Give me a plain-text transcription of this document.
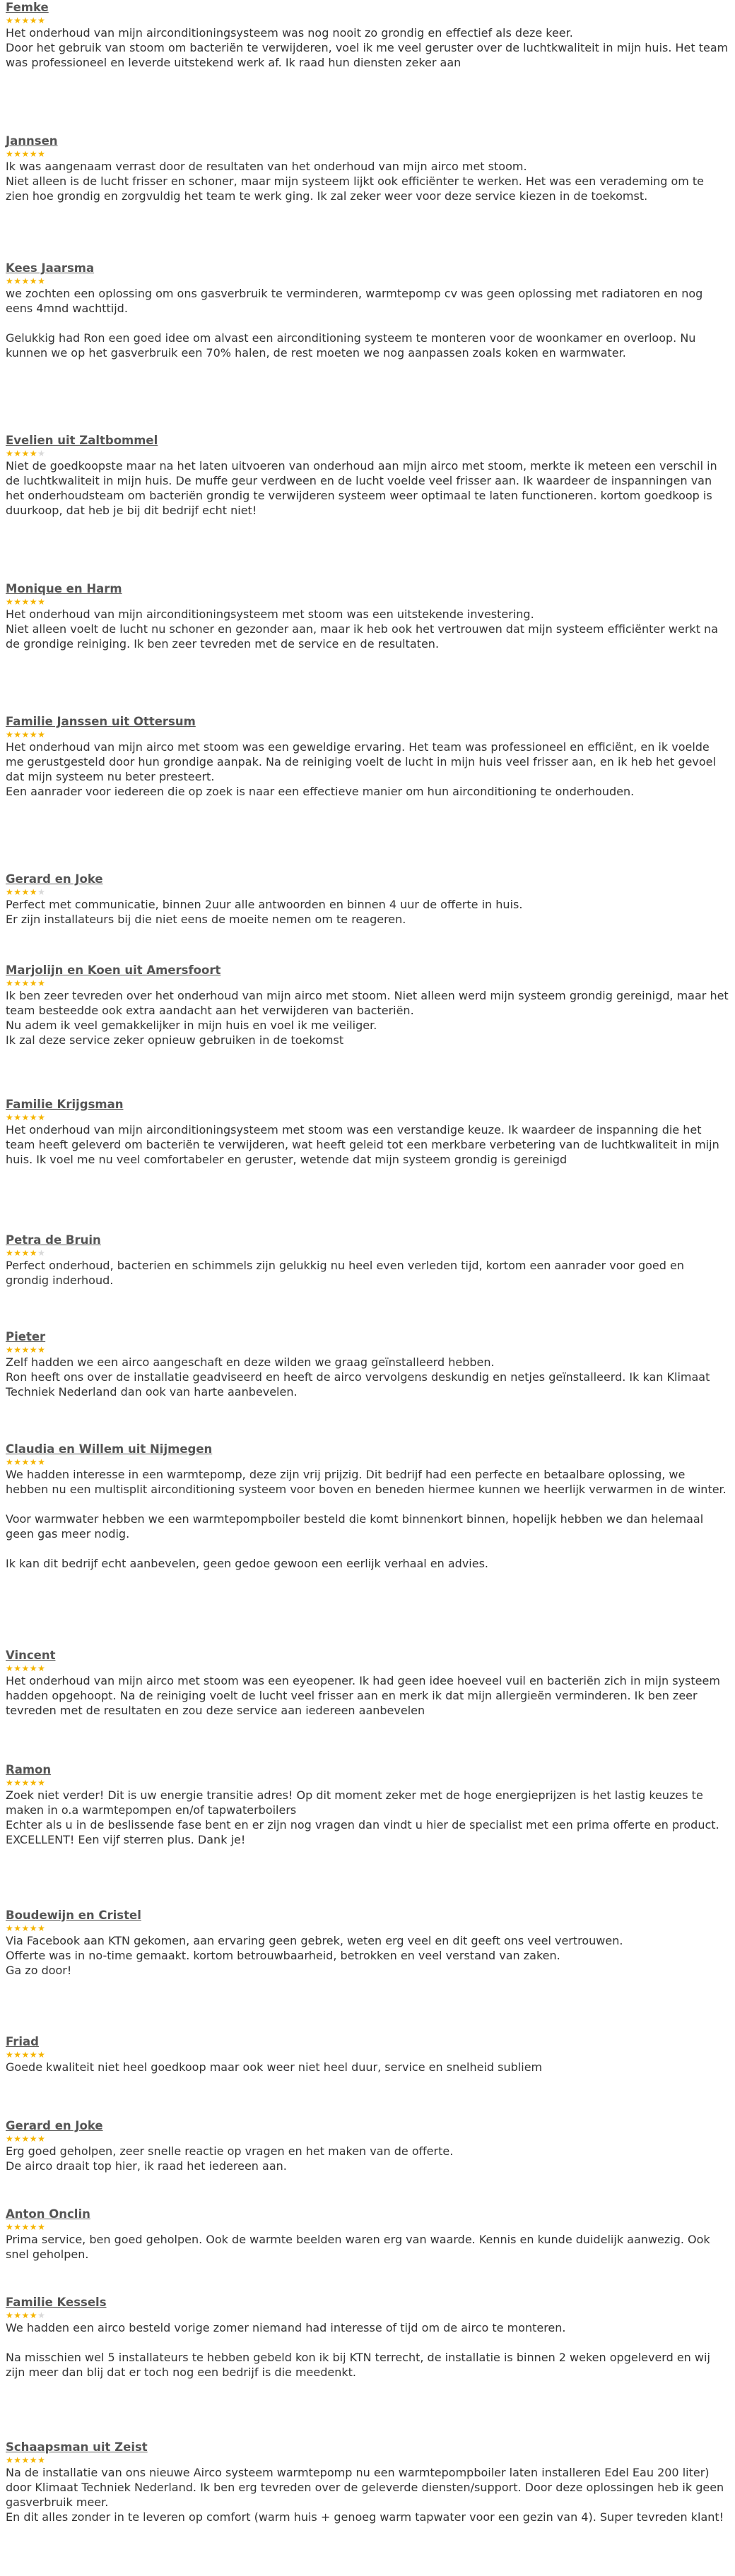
Femke
★★★★★

Het onderhoud van mijn airconditioningsysteem was nog nooit zo grondig en effectief als deze keer.
Door het gebruik van stoom om bacteriën te verwijderen, voel ik me veel geruster over de luchtkwaliteit in mijn huis. Het team was professioneel en leverde uitstekend werk af. Ik raad hun diensten zeker aan

Jannsen
★★★★★

Ik was aangenaam verrast door de resultaten van het onderhoud van mijn airco met stoom.
Niet alleen is de lucht frisser en schoner, maar mijn systeem lijkt ook efficiënter te werken. Het was een verademing om te zien hoe grondig en zorgvuldig het team te werk ging. Ik zal zeker weer voor deze service kiezen in de toekomst.

Kees Jaarsma
★★★★★

we zochten een oplossing om ons gasverbruik te verminderen, warmtepomp cv was geen oplossing met radiatoren en nog eens 4mnd wachttijd.

Gelukkig had Ron een goed idee om alvast een airconditioning systeem te monteren voor de woonkamer en overloop. Nu kunnen we op het gasverbruik een 70% halen, de rest moeten we nog aanpassen zoals koken en warmwater.

Evelien uit Zaltbommel
★★★★★

Niet de goedkoopste maar na het laten uitvoeren van onderhoud aan mijn airco met stoom, merkte ik meteen een verschil in de luchtkwaliteit in mijn huis. De muffe geur verdween en de lucht voelde veel frisser aan. Ik waardeer de inspanningen van het onderhoudsteam om bacteriën grondig te verwijderen systeem weer optimaal te laten functioneren. kortom goedkoop is duurkoop, dat heb je bij dit bedrijf echt niet!

Monique en Harm
★★★★★

Het onderhoud van mijn airconditioningsysteem met stoom was een uitstekende investering.
Niet alleen voelt de lucht nu schoner en gezonder aan, maar ik heb ook het vertrouwen dat mijn systeem efficiënter werkt na de grondige reiniging. Ik ben zeer tevreden met de service en de resultaten.

Familie Janssen uit Ottersum
★★★★★

Het onderhoud van mijn airco met stoom was een geweldige ervaring. Het team was professioneel en efficiënt, en ik voelde me gerustgesteld door hun grondige aanpak. Na de reiniging voelt de lucht in mijn huis veel frisser aan, en ik heb het gevoel dat mijn systeem nu beter presteert.
Een aanrader voor iedereen die op zoek is naar een effectieve manier om hun airconditioning te onderhouden.

Gerard en Joke
★★★★★

Perfect met communicatie, binnen 2uur alle antwoorden en binnen 4 uur de offerte in huis.
Er zijn installateurs bij die niet eens de moeite nemen om te reageren.

Marjolijn en Koen uit Amersfoort
★★★★★

Ik ben zeer tevreden over het onderhoud van mijn airco met stoom. Niet alleen werd mijn systeem grondig gereinigd, maar het team besteedde ook extra aandacht aan het verwijderen van bacteriën.
Nu adem ik veel gemakkelijker in mijn huis en voel ik me veiliger.
Ik zal deze service zeker opnieuw gebruiken in de toekomst

Familie Krijgsman
★★★★★

Het onderhoud van mijn airconditioningsysteem met stoom was een verstandige keuze. Ik waardeer de inspanning die het team heeft geleverd om bacteriën te verwijderen, wat heeft geleid tot een merkbare verbetering van de luchtkwaliteit in mijn huis. Ik voel me nu veel comfortabeler en geruster, wetende dat mijn systeem grondig is gereinigd

Petra de Bruin
★★★★★

Perfect onderhoud, bacterien en schimmels zijn gelukkig nu heel even verleden tijd, kortom een aanrader voor goed en grondig inderhoud.

Pieter
★★★★★

Zelf hadden we een airco aangeschaft en deze wilden we graag geïnstalleerd hebben.
Ron heeft ons over de installatie geadviseerd en heeft de airco vervolgens deskundig en netjes geïnstalleerd. Ik kan Klimaat Techniek Nederland dan ook van harte aanbevelen.

Claudia en Willem uit Nijmegen
★★★★★

We hadden interesse in een warmtepomp, deze zijn vrij prijzig. Dit bedrijf had een perfecte en betaalbare oplossing, we hebben nu een multisplit airconditioning systeem voor boven en beneden hiermee kunnen we heerlijk verwarmen in de winter.

Voor warmwater hebben we een warmtepompboiler besteld die komt binnenkort binnen, hopelijk hebben we dan helemaal geen gas meer nodig.

Ik kan dit bedrijf echt aanbevelen, geen gedoe gewoon een eerlijk verhaal en advies.

Vincent
★★★★★

Het onderhoud van mijn airco met stoom was een eyeopener. Ik had geen idee hoeveel vuil en bacteriën zich in mijn systeem hadden opgehoopt. Na de reiniging voelt de lucht veel frisser aan en merk ik dat mijn allergieën verminderen. Ik ben zeer tevreden met de resultaten en zou deze service aan iedereen aanbevelen

Ramon
★★★★★

Zoek niet verder! Dit is uw energie transitie adres! Op dit moment zeker met de hoge energieprijzen is het lastig keuzes te maken in o.a warmtepompen en/of tapwaterboilers
Echter als u in de beslissende fase bent en er zijn nog vragen dan vindt u hier de specialist met een prima offerte en product. EXCELLENT! Een vijf sterren plus. Dank je!

Boudewijn en Cristel
★★★★★

Via Facebook aan KTN gekomen, aan ervaring geen gebrek, weten erg veel en dit geeft ons veel vertrouwen.
Offerte was in no-time gemaakt. kortom betrouwbaarheid, betrokken en veel verstand van zaken.
Ga zo door!

Friad
★★★★★

Goede kwaliteit niet heel goedkoop maar ook weer niet heel duur, service en snelheid subliem

Gerard en Joke
★★★★★

Erg goed geholpen, zeer snelle reactie op vragen en het maken van de offerte.
De airco draait top hier, ik raad het iedereen aan.

Anton Onclin
★★★★★

Prima service, ben goed geholpen. Ook de warmte beelden waren erg van waarde. Kennis en kunde duidelijk aanwezig. Ook snel geholpen.

Familie Kessels
★★★★★

We hadden een airco besteld vorige zomer niemand had interesse of tijd om de airco te monteren.

Na misschien wel 5 installateurs te hebben gebeld kon ik bij KTN terrecht, de installatie is binnen 2 weken opgeleverd en wij zijn meer dan blij dat er toch nog een bedrijf is die meedenkt.

Schaapsman uit Zeist
★★★★★

Na de installatie van ons nieuwe Airco systeem warmtepomp nu een warmtepompboiler laten installeren Edel Eau 200 liter) door Klimaat Techniek Nederland. Ik ben erg tevreden over de geleverde diensten/support. Door deze oplossingen heb ik geen gasverbruik meer.
En dit alles zonder in te leveren op comfort (warm huis + genoeg warm tapwater voor een gezin van 4). Super tevreden klant!
